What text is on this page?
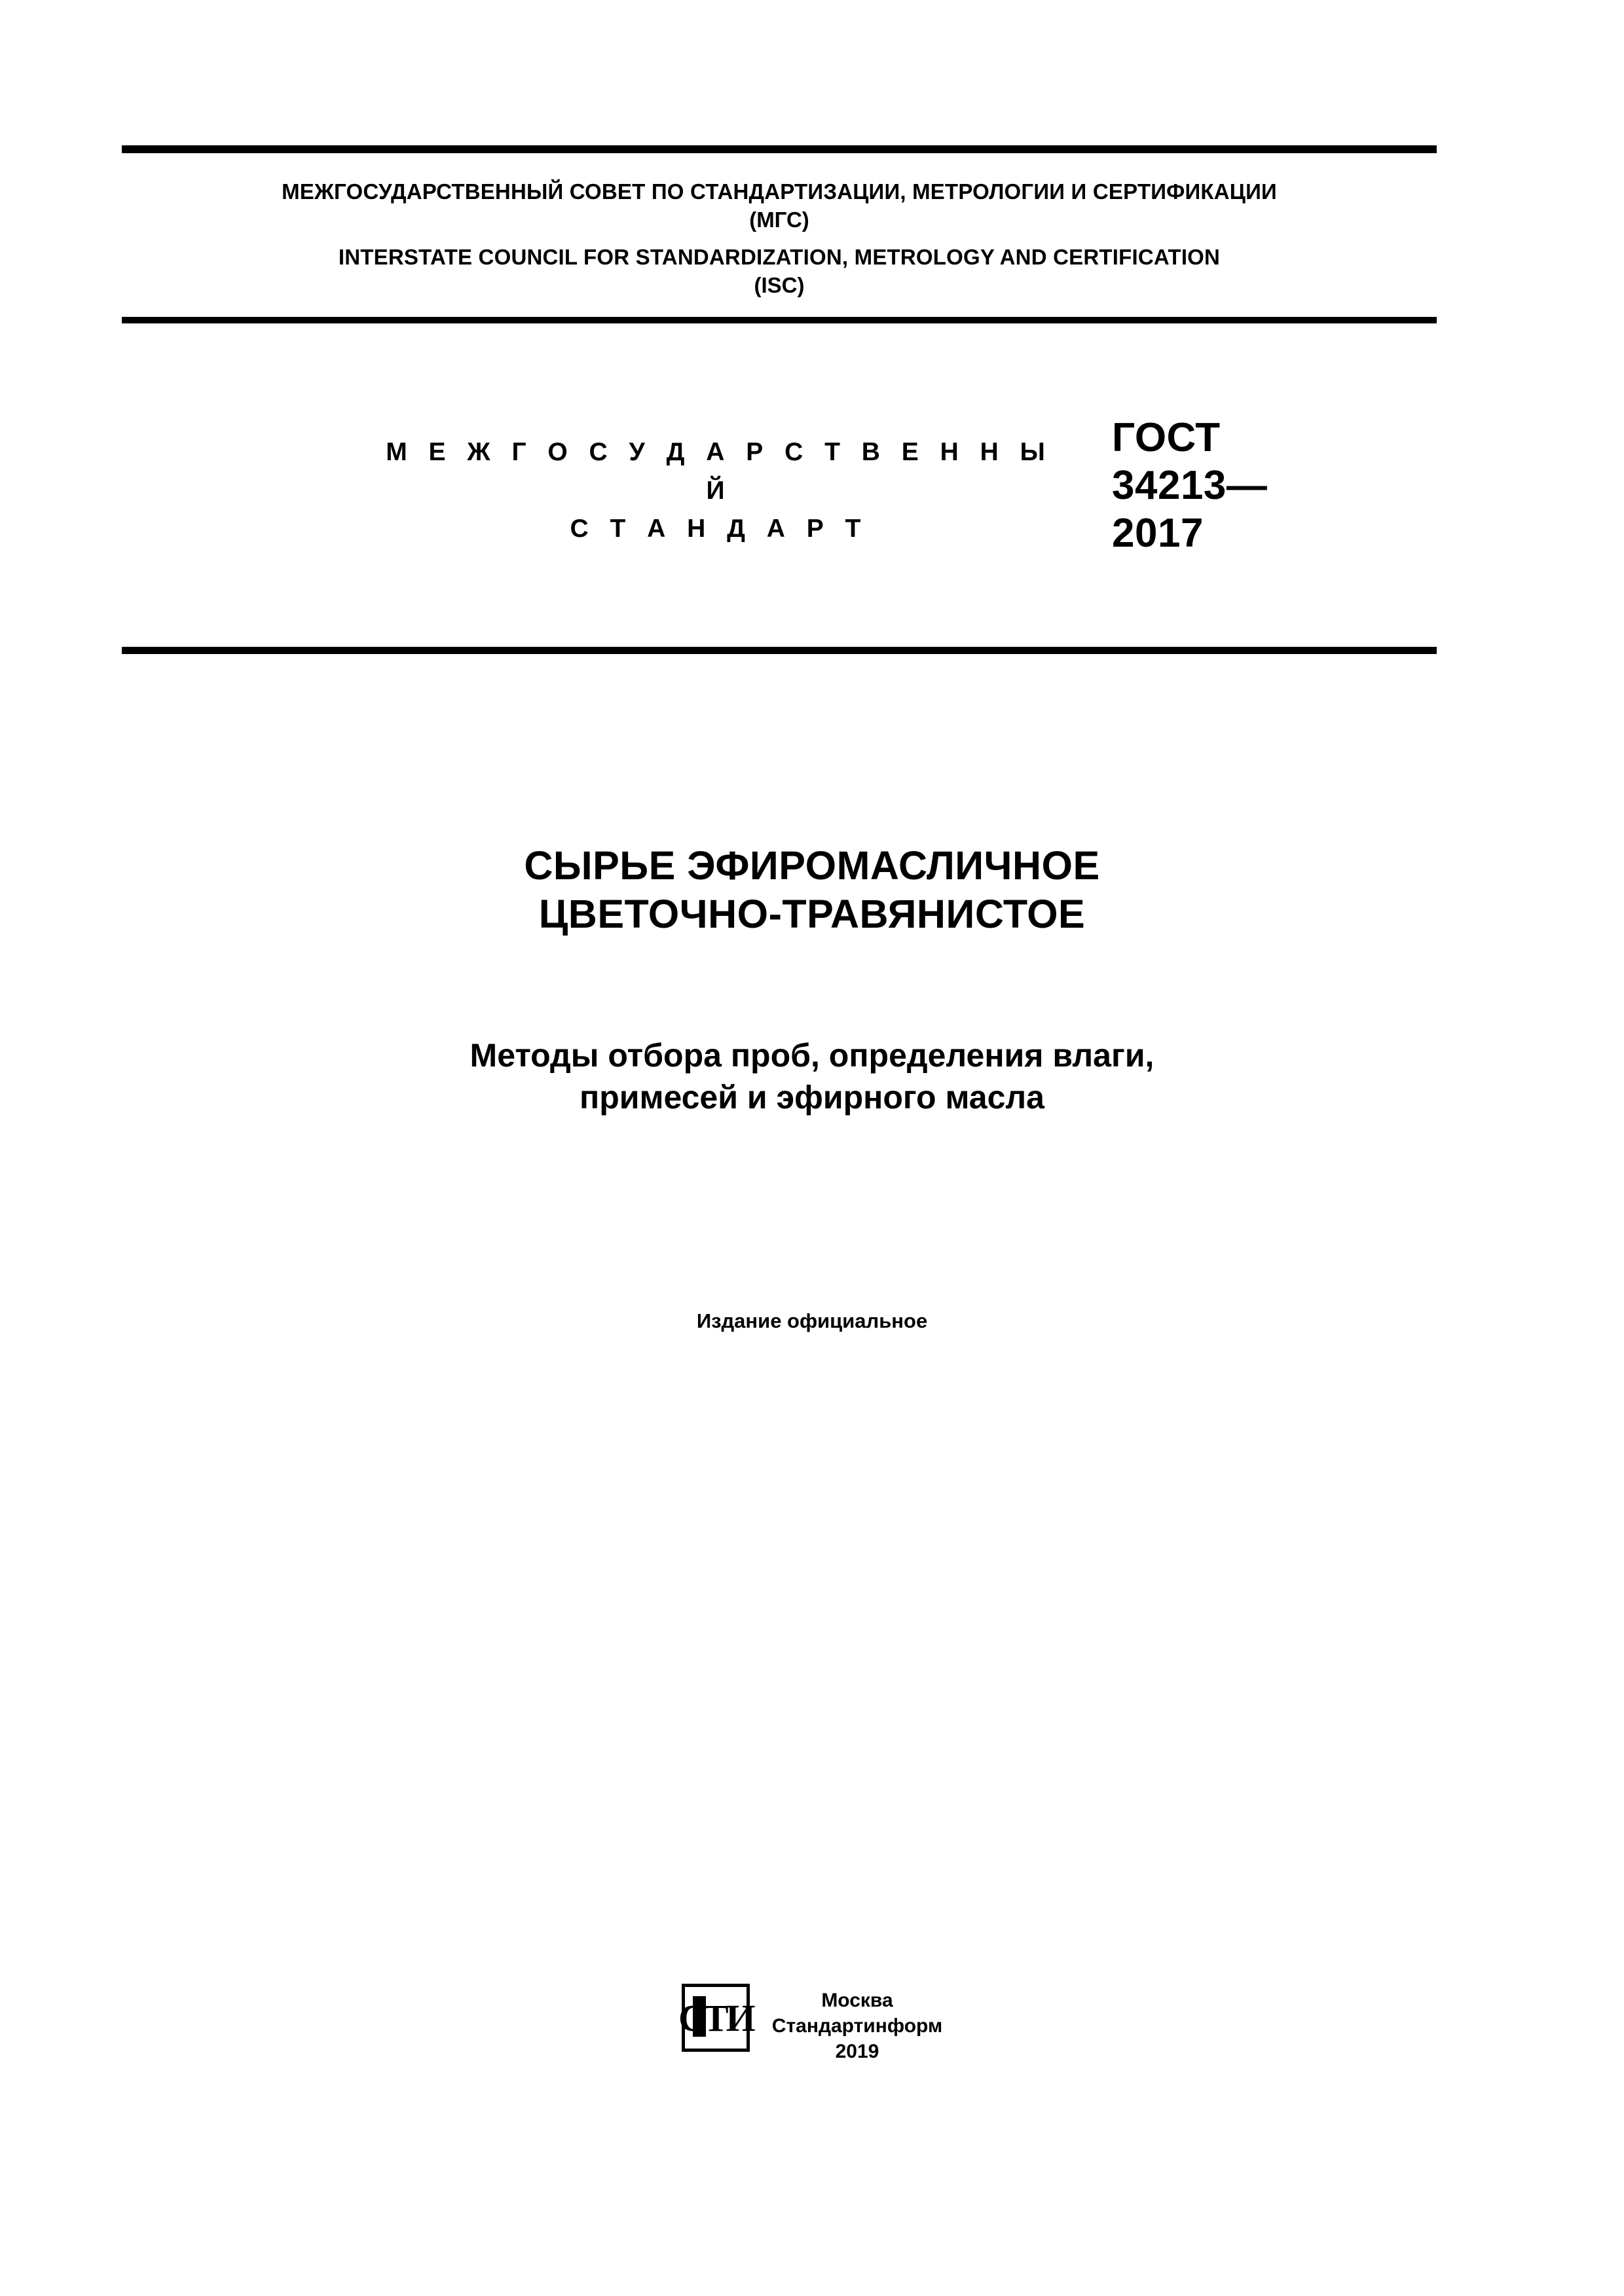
МЕЖГОСУДАРСТВЕННЫЙ СОВЕТ ПО СТАНДАРТИЗАЦИИ, МЕТРОЛОГИИ И СЕРТИФИКАЦИИ
(МГС)
INTERSTATE COUNCIL FOR STANDARDIZATION, METROLOGY AND CERTIFICATION
(ISC)
М Е Ж Г О С У Д А Р С Т В Е Н Н Ы Й
С Т А Н Д А Р Т
ГОСТ
34213—
2017
СЫРЬЕ ЭФИРОМАСЛИЧНОЕ
ЦВЕТОЧНО-ТРАВЯНИСТОЕ
Методы отбора проб, определения влаги,
примесей и эфирного масла
Издание официальное
СТИ	Москва
Стандартинформ
2019
